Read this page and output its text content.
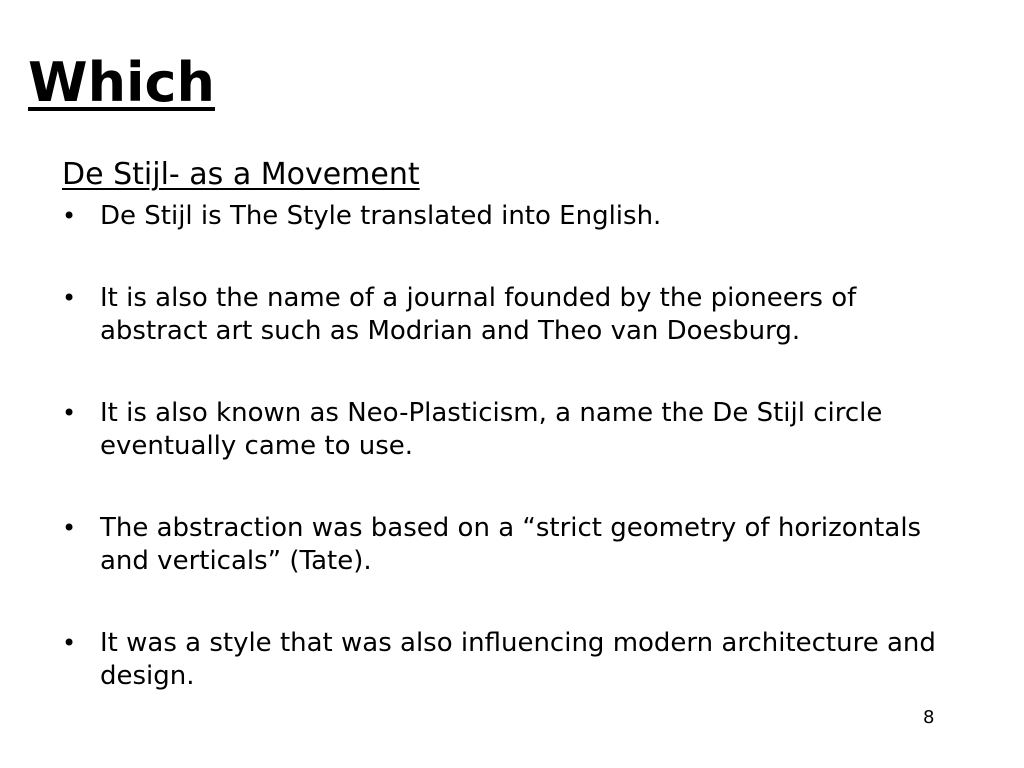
Which
De Stijl- as a Movement
• De Stijl is The Style translated into English.
• It is also the name of a journal founded by the pioneers of abstract art such as Modrian and Theo van Doesburg.
• It is also known as Neo-Plasticism, a name the De Stijl circle eventually came to use.
• The abstraction was based on a “strict geometry of horizontals and verticals” (Tate).
• It was a style that was also influencing modern architecture and design.
8
